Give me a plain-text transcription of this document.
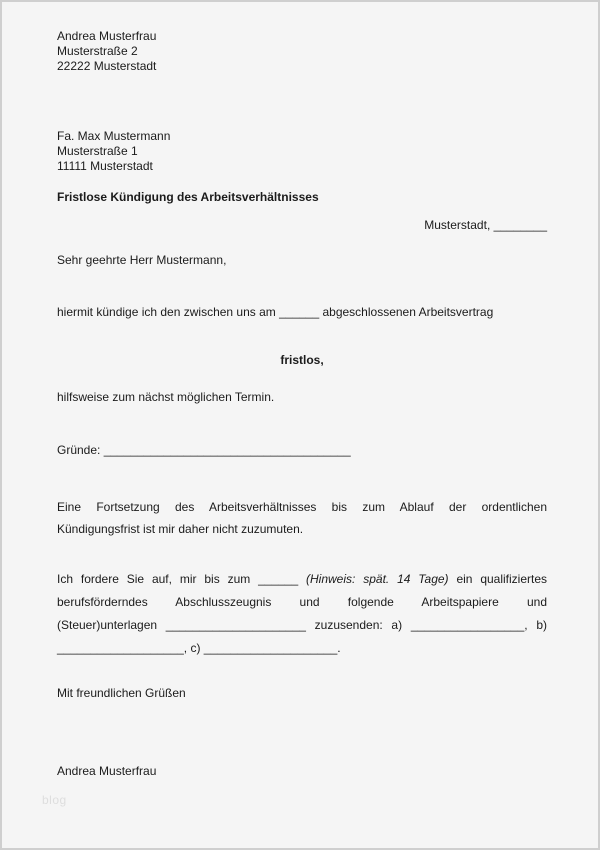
Andrea Musterfrau
Musterstraße 2
22222 Musterstadt
Fa. Max Mustermann
Musterstraße 1
11111 Musterstadt
Fristlose Kündigung des Arbeitsverhältnisses
Musterstadt, ________
Sehr geehrte Herr Mustermann,
hiermit kündige ich den zwischen uns am ______ abgeschlossenen Arbeitsvertrag
fristlos,
hilfsweise zum nächst möglichen Termin.
Gründe: _____________________________________
Eine Fortsetzung des Arbeitsverhältnisses bis zum Ablauf der ordentlichen
Kündigungsfrist ist mir daher nicht zuzumuten.
Ich fordere Sie auf, mir bis zum ______ (Hinweis: spät. 14 Tage) ein qualifiziertes
berufsförderndes Abschlusszeugnis und folgende Arbeitspapiere und
(Steuer)unterlagen _____________________ zuzusenden: a) _________________, b)
___________________, c) ____________________.
Mit freundlichen Grüßen
Andrea Musterfrau
blog
